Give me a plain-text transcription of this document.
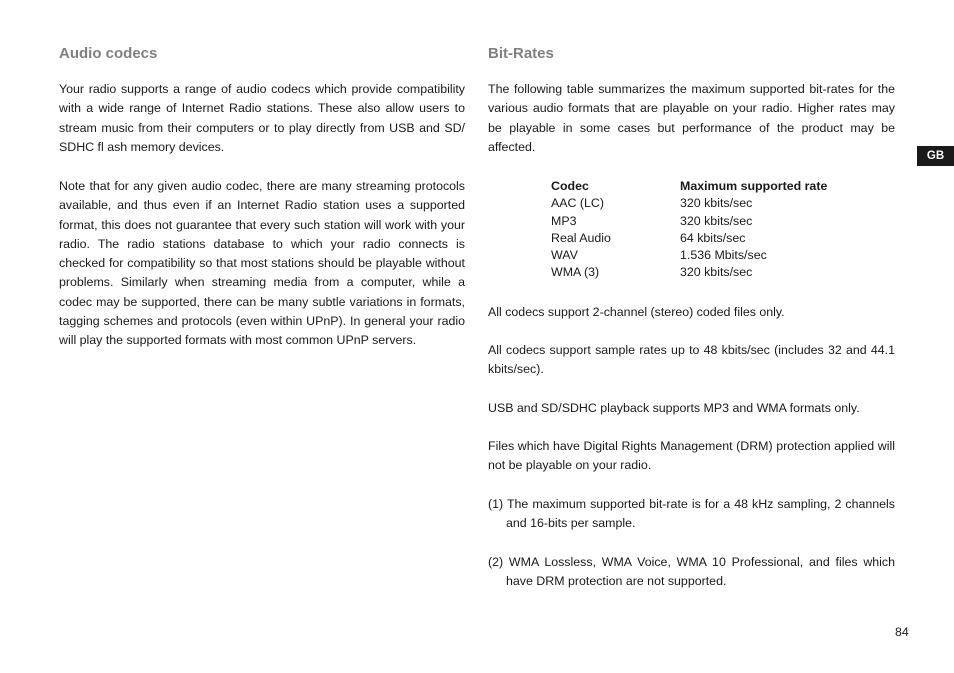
Audio codecs

Your radio supports a range of audio codecs which provide compatibility with a wide range of Internet Radio stations. These also allow users to stream music from their computers or to play directly from USB and SD/ SDHC fl ash memory devices.

Note that for any given audio codec, there are many streaming protocols available, and thus even if an Internet Radio station uses a supported format, this does not guarantee that every such station will work with your radio. The radio stations database to which your radio connects is checked for compatibility so that most stations should be playable without problems. Similarly when streaming media from a computer, while a codec may be supported, there can be many subtle variations in formats, tagging schemes and protocols (even within UPnP). In general your radio will play the supported formats with most common UPnP servers.

Bit-Rates

The following table summarizes the maximum supported bit-rates for the various audio formats that are playable on your radio. Higher rates may be playable in some cases but performance of the product may be affected.

Codec	Maximum supported rate
AAC (LC)	320 kbits/sec
MP3	320 kbits/sec
Real Audio	64 kbits/sec
WAV	1.536 Mbits/sec
WMA (3)	320 kbits/sec

All codecs support 2-channel (stereo) coded files only.

All codecs support sample rates up to 48 kbits/sec (includes 32 and 44.1 kbits/sec).

USB and SD/SDHC playback supports MP3 and WMA formats only.

Files which have Digital Rights Management (DRM) protection applied will not be playable on your radio.

(1) The maximum supported bit-rate is for a 48 kHz sampling, 2 channels and 16-bits per sample.

(2) WMA Lossless, WMA Voice, WMA 10 Professional, and files which have DRM protection are not supported.

GB
84
